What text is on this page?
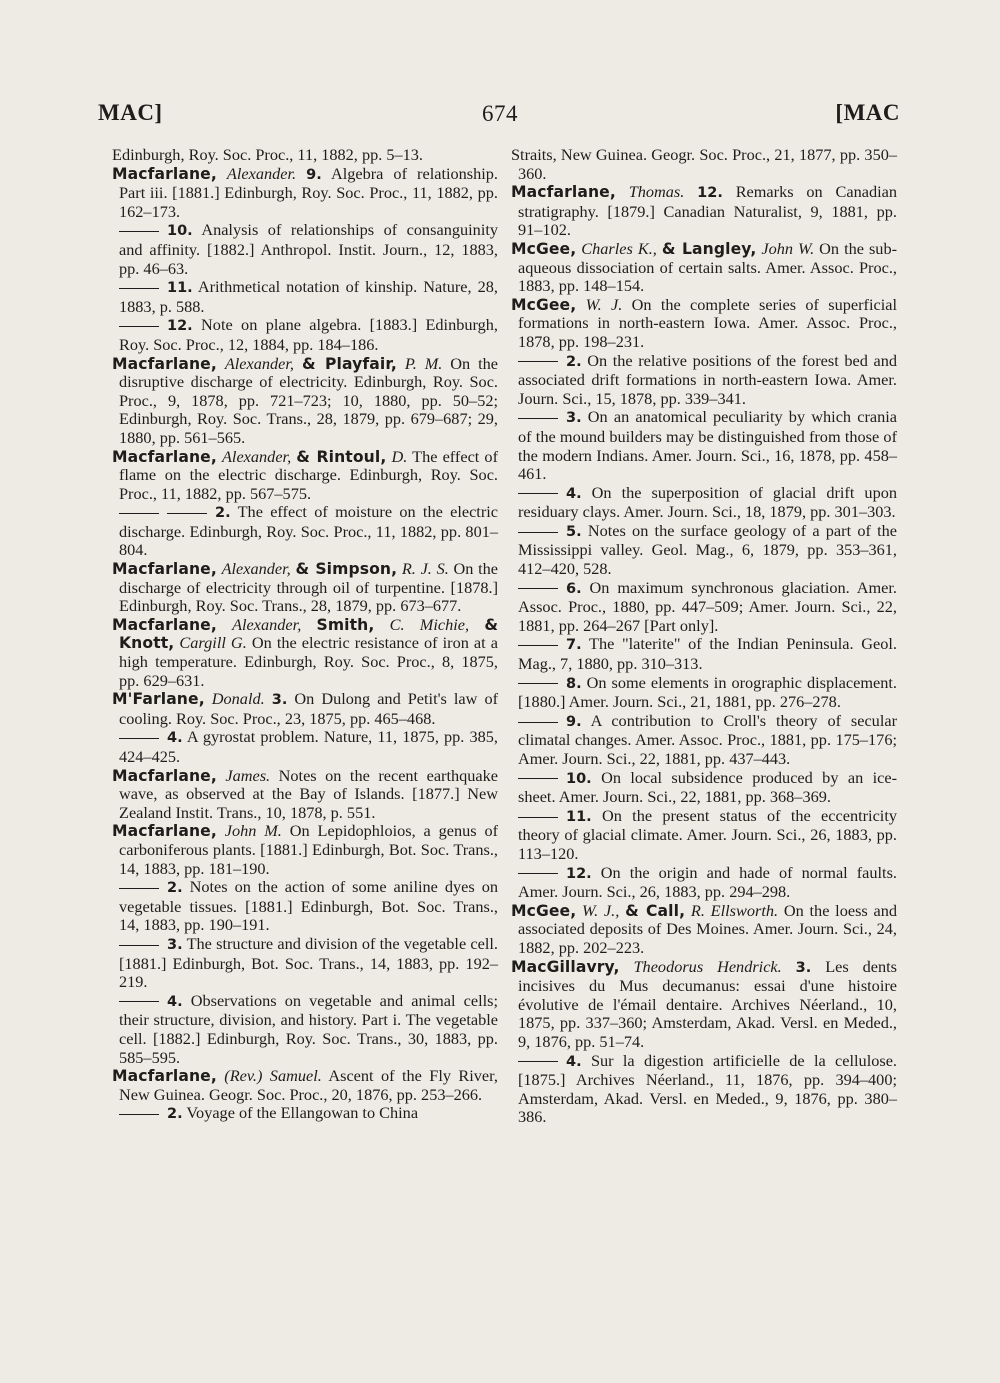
MAC]	674	[MAC

Edinburgh, Roy. Soc. Proc., 11, 1882, pp. 5–13.

Macfarlane, Alexander. 9. Algebra of relationship. Part iii. [1881.] Edinburgh, Roy. Soc. Proc., 11, 1882, pp. 162–173.

10. Analysis of relationships of consanguinity and affinity. [1882.] Anthropol. Instit. Journ., 12, 1883, pp. 46–63.

11. Arithmetical notation of kinship. Nature, 28, 1883, p. 588.

12. Note on plane algebra. [1883.] Edinburgh, Roy. Soc. Proc., 12, 1884, pp. 184–186.

Macfarlane, Alexander, & Playfair, P. M. On the disruptive discharge of electricity. Edinburgh, Roy. Soc. Proc., 9, 1878, pp. 721–723; 10, 1880, pp. 50–52; Edinburgh, Roy. Soc. Trans., 28, 1879, pp. 679–687; 29, 1880, pp. 561–565.

Macfarlane, Alexander, & Rintoul, D. The effect of flame on the electric discharge. Edinburgh, Roy. Soc. Proc., 11, 1882, pp. 567–575.

2. The effect of moisture on the electric discharge. Edinburgh, Roy. Soc. Proc., 11, 1882, pp. 801–804.

Macfarlane, Alexander, & Simpson, R. J. S. On the discharge of electricity through oil of turpentine. [1878.] Edinburgh, Roy. Soc. Trans., 28, 1879, pp. 673–677.

Macfarlane, Alexander, Smith, C. Michie, & Knott, Cargill G. On the electric resistance of iron at a high temperature. Edinburgh, Roy. Soc. Proc., 8, 1875, pp. 629–631.

M'Farlane, Donald. 3. On Dulong and Petit's law of cooling. Roy. Soc. Proc., 23, 1875, pp. 465–468.

4. A gyrostat problem. Nature, 11, 1875, pp. 385, 424–425.

Macfarlane, James. Notes on the recent earthquake wave, as observed at the Bay of Islands. [1877.] New Zealand Instit. Trans., 10, 1878, p. 551.

Macfarlane, John M. On Lepidophloios, a genus of carboniferous plants. [1881.] Edinburgh, Bot. Soc. Trans., 14, 1883, pp. 181–190.

2. Notes on the action of some aniline dyes on vegetable tissues. [1881.] Edinburgh, Bot. Soc. Trans., 14, 1883, pp. 190–191.

3. The structure and division of the vegetable cell. [1881.] Edinburgh, Bot. Soc. Trans., 14, 1883, pp. 192–219.

4. Observations on vegetable and animal cells; their structure, division, and history. Part i. The vegetable cell. [1882.] Edinburgh, Roy. Soc. Trans., 30, 1883, pp. 585–595.

Macfarlane, (Rev.) Samuel. Ascent of the Fly River, New Guinea. Geogr. Soc. Proc., 20, 1876, pp. 253–266.

2. Voyage of the Ellangowan to China

Straits, New Guinea. Geogr. Soc. Proc., 21, 1877, pp. 350–360.

Macfarlane, Thomas. 12. Remarks on Canadian stratigraphy. [1879.] Canadian Naturalist, 9, 1881, pp. 91–102.

McGee, Charles K., & Langley, John W. On the sub-aqueous dissociation of certain salts. Amer. Assoc. Proc., 1883, pp. 148–154.

McGee, W. J. On the complete series of superficial formations in north-eastern Iowa. Amer. Assoc. Proc., 1878, pp. 198–231.

2. On the relative positions of the forest bed and associated drift formations in north-eastern Iowa. Amer. Journ. Sci., 15, 1878, pp. 339–341.

3. On an anatomical peculiarity by which crania of the mound builders may be distinguished from those of the modern Indians. Amer. Journ. Sci., 16, 1878, pp. 458–461.

4. On the superposition of glacial drift upon residuary clays. Amer. Journ. Sci., 18, 1879, pp. 301–303.

5. Notes on the surface geology of a part of the Mississippi valley. Geol. Mag., 6, 1879, pp. 353–361, 412–420, 528.

6. On maximum synchronous glaciation. Amer. Assoc. Proc., 1880, pp. 447–509; Amer. Journ. Sci., 22, 1881, pp. 264–267 [Part only].

7. The "laterite" of the Indian Peninsula. Geol. Mag., 7, 1880, pp. 310–313.

8. On some elements in orographic displacement. [1880.] Amer. Journ. Sci., 21, 1881, pp. 276–278.

9. A contribution to Croll's theory of secular climatal changes. Amer. Assoc. Proc., 1881, pp. 175–176; Amer. Journ. Sci., 22, 1881, pp. 437–443.

10. On local subsidence produced by an ice-sheet. Amer. Journ. Sci., 22, 1881, pp. 368–369.

11. On the present status of the eccentricity theory of glacial climate. Amer. Journ. Sci., 26, 1883, pp. 113–120.

12. On the origin and hade of normal faults. Amer. Journ. Sci., 26, 1883, pp. 294–298.

McGee, W. J., & Call, R. Ellsworth. On the loess and associated deposits of Des Moines. Amer. Journ. Sci., 24, 1882, pp. 202–223.

MacGillavry, Theodorus Hendrick. 3. Les dents incisives du Mus decumanus: essai d'une histoire évolutive de l'émail dentaire. Archives Néerland., 10, 1875, pp. 337–360; Amsterdam, Akad. Versl. en Meded., 9, 1876, pp. 51–74.

4. Sur la digestion artificielle de la cellulose. [1875.] Archives Néerland., 11, 1876, pp. 394–400; Amsterdam, Akad. Versl. en Meded., 9, 1876, pp. 380–386.
